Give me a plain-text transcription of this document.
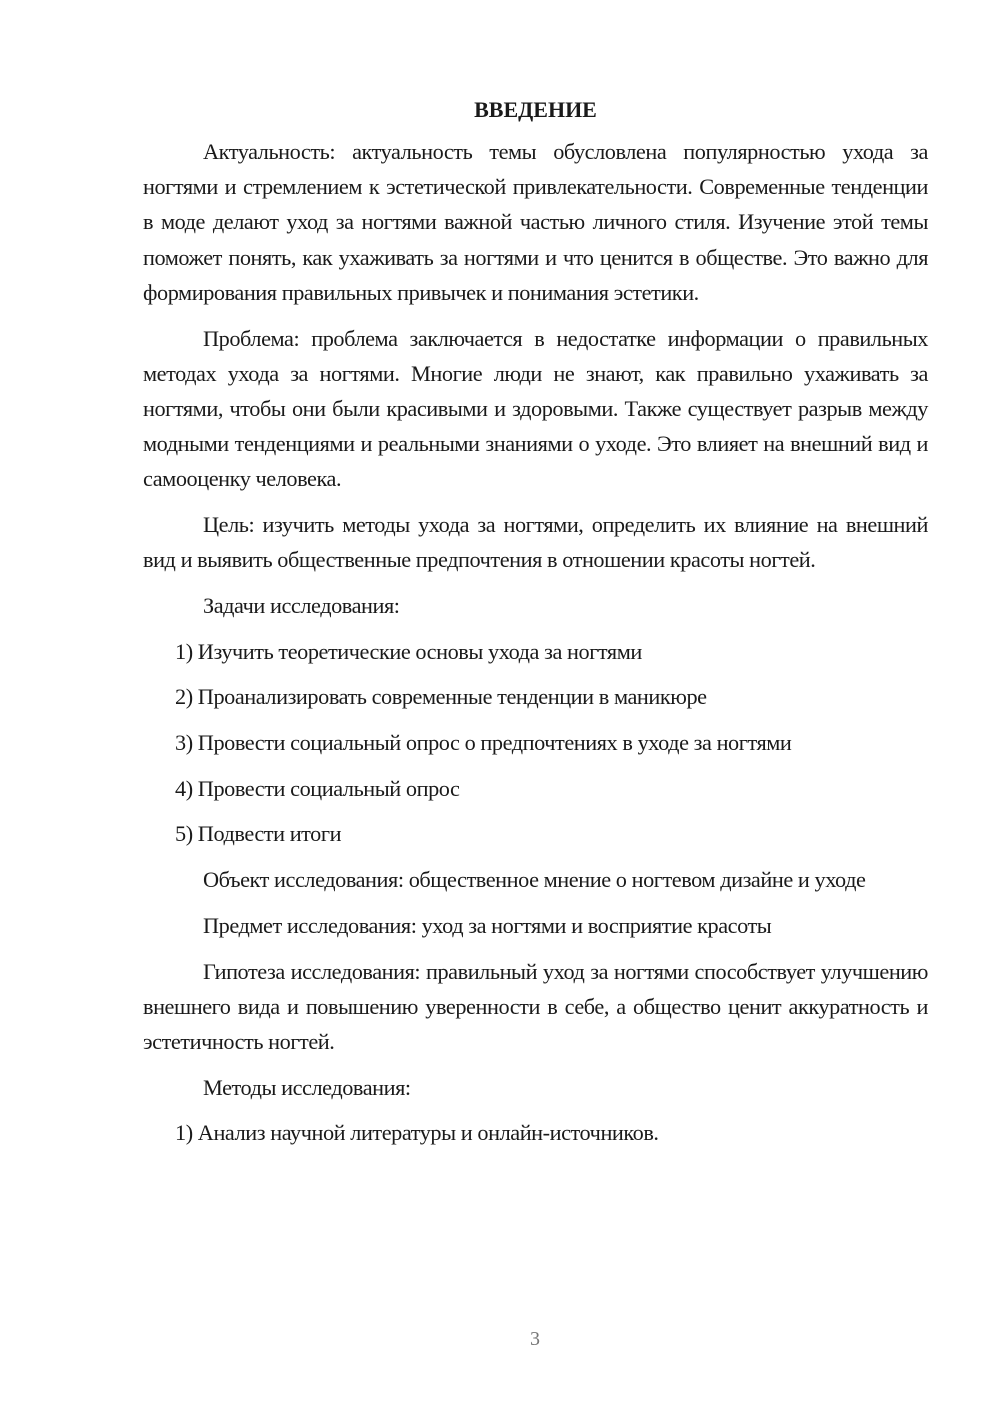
ВВЕДЕНИЕ

Актуальность: актуальность темы обусловлена популярностью ухода за ногтями и стремлением к эстетической привлекательности. Современные тенденции в моде делают уход за ногтями важной частью личного стиля. Изучение этой темы поможет понять, как ухаживать за ногтями и что ценится в обществе. Это важно для формирования правильных привычек и понимания эстетики.

Проблема: проблема заключается в недостатке информации о правильных методах ухода за ногтями. Многие люди не знают, как правильно ухаживать за ногтями, чтобы они были красивыми и здоровыми. Также существует разрыв между модными тенденциями и реальными знаниями о уходе. Это влияет на внешний вид и самооценку человека.

Цель: изучить методы ухода за ногтями, определить их влияние на внешний вид и выявить общественные предпочтения в отношении красоты ногтей.

Задачи исследования:

1) Изучить теоретические основы ухода за ногтями

2) Проанализировать современные тенденции в маникюре

3) Провести социальный опрос о предпочтениях в уходе за ногтями

4) Провести социальный опрос

5) Подвести итоги

Объект исследования: общественное мнение о ногтевом дизайне и уходе

Предмет исследования: уход за ногтями и восприятие красоты

Гипотеза исследования: правильный уход за ногтями способствует улучшению внешнего вида и повышению уверенности в себе, а общество ценит аккуратность и эстетичность ногтей.

Методы исследования:

1) Анализ научной литературы и онлайн-источников.

3
